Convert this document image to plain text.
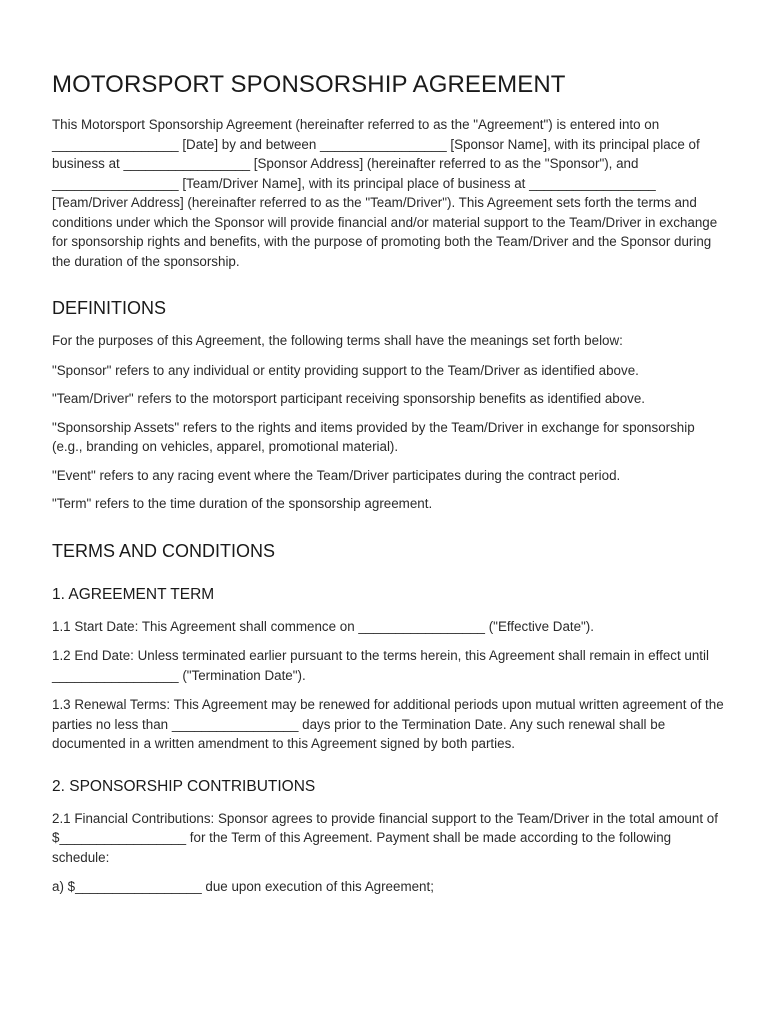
MOTORSPORT SPONSORSHIP AGREEMENT

This Motorsport Sponsorship Agreement (hereinafter referred to as the "Agreement") is entered into on _________________ [Date] by and between _________________ [Sponsor Name], with its principal place of business at _________________ [Sponsor Address] (hereinafter referred to as the "Sponsor"), and _________________ [Team/Driver Name], with its principal place of business at _________________ [Team/Driver Address] (hereinafter referred to as the "Team/Driver"). This Agreement sets forth the terms and conditions under which the Sponsor will provide financial and/or material support to the Team/Driver in exchange for sponsorship rights and benefits, with the purpose of promoting both the Team/Driver and the Sponsor during the duration of the sponsorship.

DEFINITIONS

For the purposes of this Agreement, the following terms shall have the meanings set forth below:

"Sponsor" refers to any individual or entity providing support to the Team/Driver as identified above.

"Team/Driver" refers to the motorsport participant receiving sponsorship benefits as identified above.

"Sponsorship Assets" refers to the rights and items provided by the Team/Driver in exchange for sponsorship (e.g., branding on vehicles, apparel, promotional material).

"Event" refers to any racing event where the Team/Driver participates during the contract period.

"Term" refers to the time duration of the sponsorship agreement.

TERMS AND CONDITIONS
1. AGREEMENT TERM

1.1 Start Date: This Agreement shall commence on _________________ ("Effective Date").

1.2 End Date: Unless terminated earlier pursuant to the terms herein, this Agreement shall remain in effect until _________________ ("Termination Date").

1.3 Renewal Terms: This Agreement may be renewed for additional periods upon mutual written agreement of the parties no less than _________________ days prior to the Termination Date. Any such renewal shall be documented in a written amendment to this Agreement signed by both parties.

2. SPONSORSHIP CONTRIBUTIONS

2.1 Financial Contributions: Sponsor agrees to provide financial support to the Team/Driver in the total amount of $_________________ for the Term of this Agreement. Payment shall be made according to the following schedule:

a) $_________________ due upon execution of this Agreement;
